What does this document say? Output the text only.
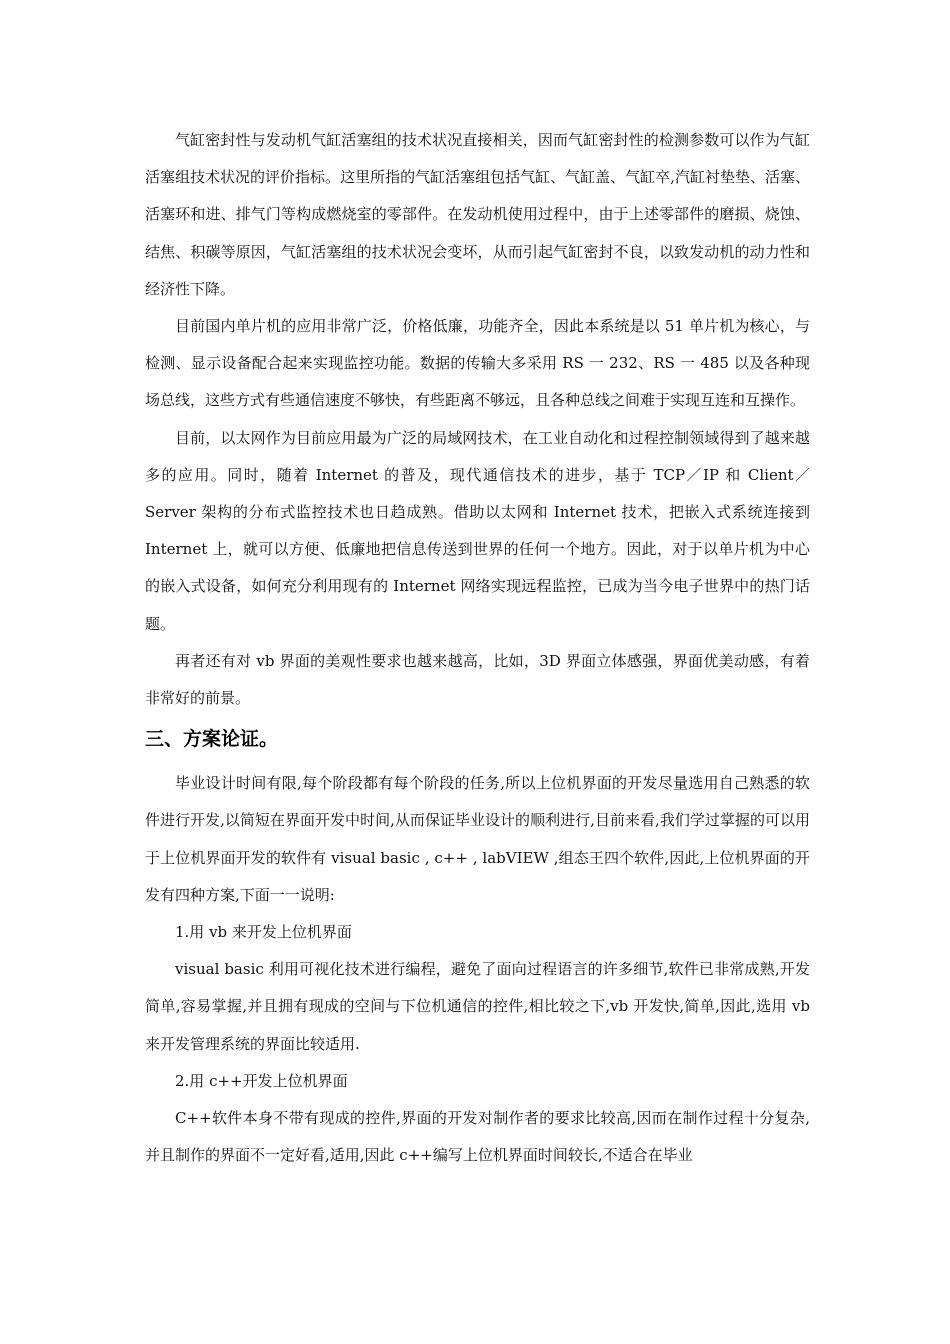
气缸密封性与发动机气缸活塞组的技术状况直接相关，因而气缸密封性的检测参数可以作为气缸活塞组技术状况的评价指标。这里所指的气缸活塞组包括气缸、气缸盖、气缸卒,汽缸衬垫垫、活塞、活塞环和进、排气门等构成燃烧室的零部件。在发动机使用过程中，由于上述零部件的磨损、烧蚀、结焦、积碳等原因，气缸活塞组的技术状况会变坏，从而引起气缸密封不良，以致发动机的动力性和经济性下降。

目前国内单片机的应用非常广泛，价格低廉，功能齐全，因此本系统是以 51 单片机为核心，与检测、显示设备配合起来实现监控功能。数据的传输大多采用 RS 一 232、RS 一 485 以及各种现场总线，这些方式有些通信速度不够快，有些距离不够远，且各种总线之间难于实现互连和互操作。

目前，以太网作为目前应用最为广泛的局域网技术，在工业自动化和过程控制领域得到了越来越多的应用。同时，随着 Internet 的普及，现代通信技术的进步，基于 TCP／IP 和 Client／Server 架构的分布式监控技术也日趋成熟。借助以太网和 Internet 技术，把嵌入式系统连接到 Internet 上，就可以方便、低廉地把信息传送到世界的任何一个地方。因此，对于以单片机为中心的嵌入式设备，如何充分利用现有的 Internet 网络实现远程监控，已成为当今电子世界中的热门话题。

再者还有对 vb 界面的美观性要求也越来越高，比如，3D 界面立体感强，界面优美动感，有着非常好的前景。

三、方案论证。

毕业设计时间有限,每个阶段都有每个阶段的任务,所以上位机界面的开发尽量选用自己熟悉的软件进行开发,以简短在界面开发中时间,从而保证毕业设计的顺利进行,目前来看,我们学过掌握的可以用于上位机界面开发的软件有 visual basic , c++ , labVIEW ,组态王四个软件,因此,上位机界面的开发有四种方案,下面一一说明:

1.用 vb 来开发上位机界面

visual basic 利用可视化技术进行编程，避免了面向过程语言的许多细节,软件已非常成熟,开发简单,容易掌握,并且拥有现成的空间与下位机通信的控件,相比较之下,vb 开发快,简单,因此,选用 vb 来开发管理系统的界面比较适用.

2.用 c++开发上位机界面

C++软件本身不带有现成的控件,界面的开发对制作者的要求比较高,因而在制作过程十分复杂,并且制作的界面不一定好看,适用,因此 c++编写上位机界面时间较长,不适合在毕业
